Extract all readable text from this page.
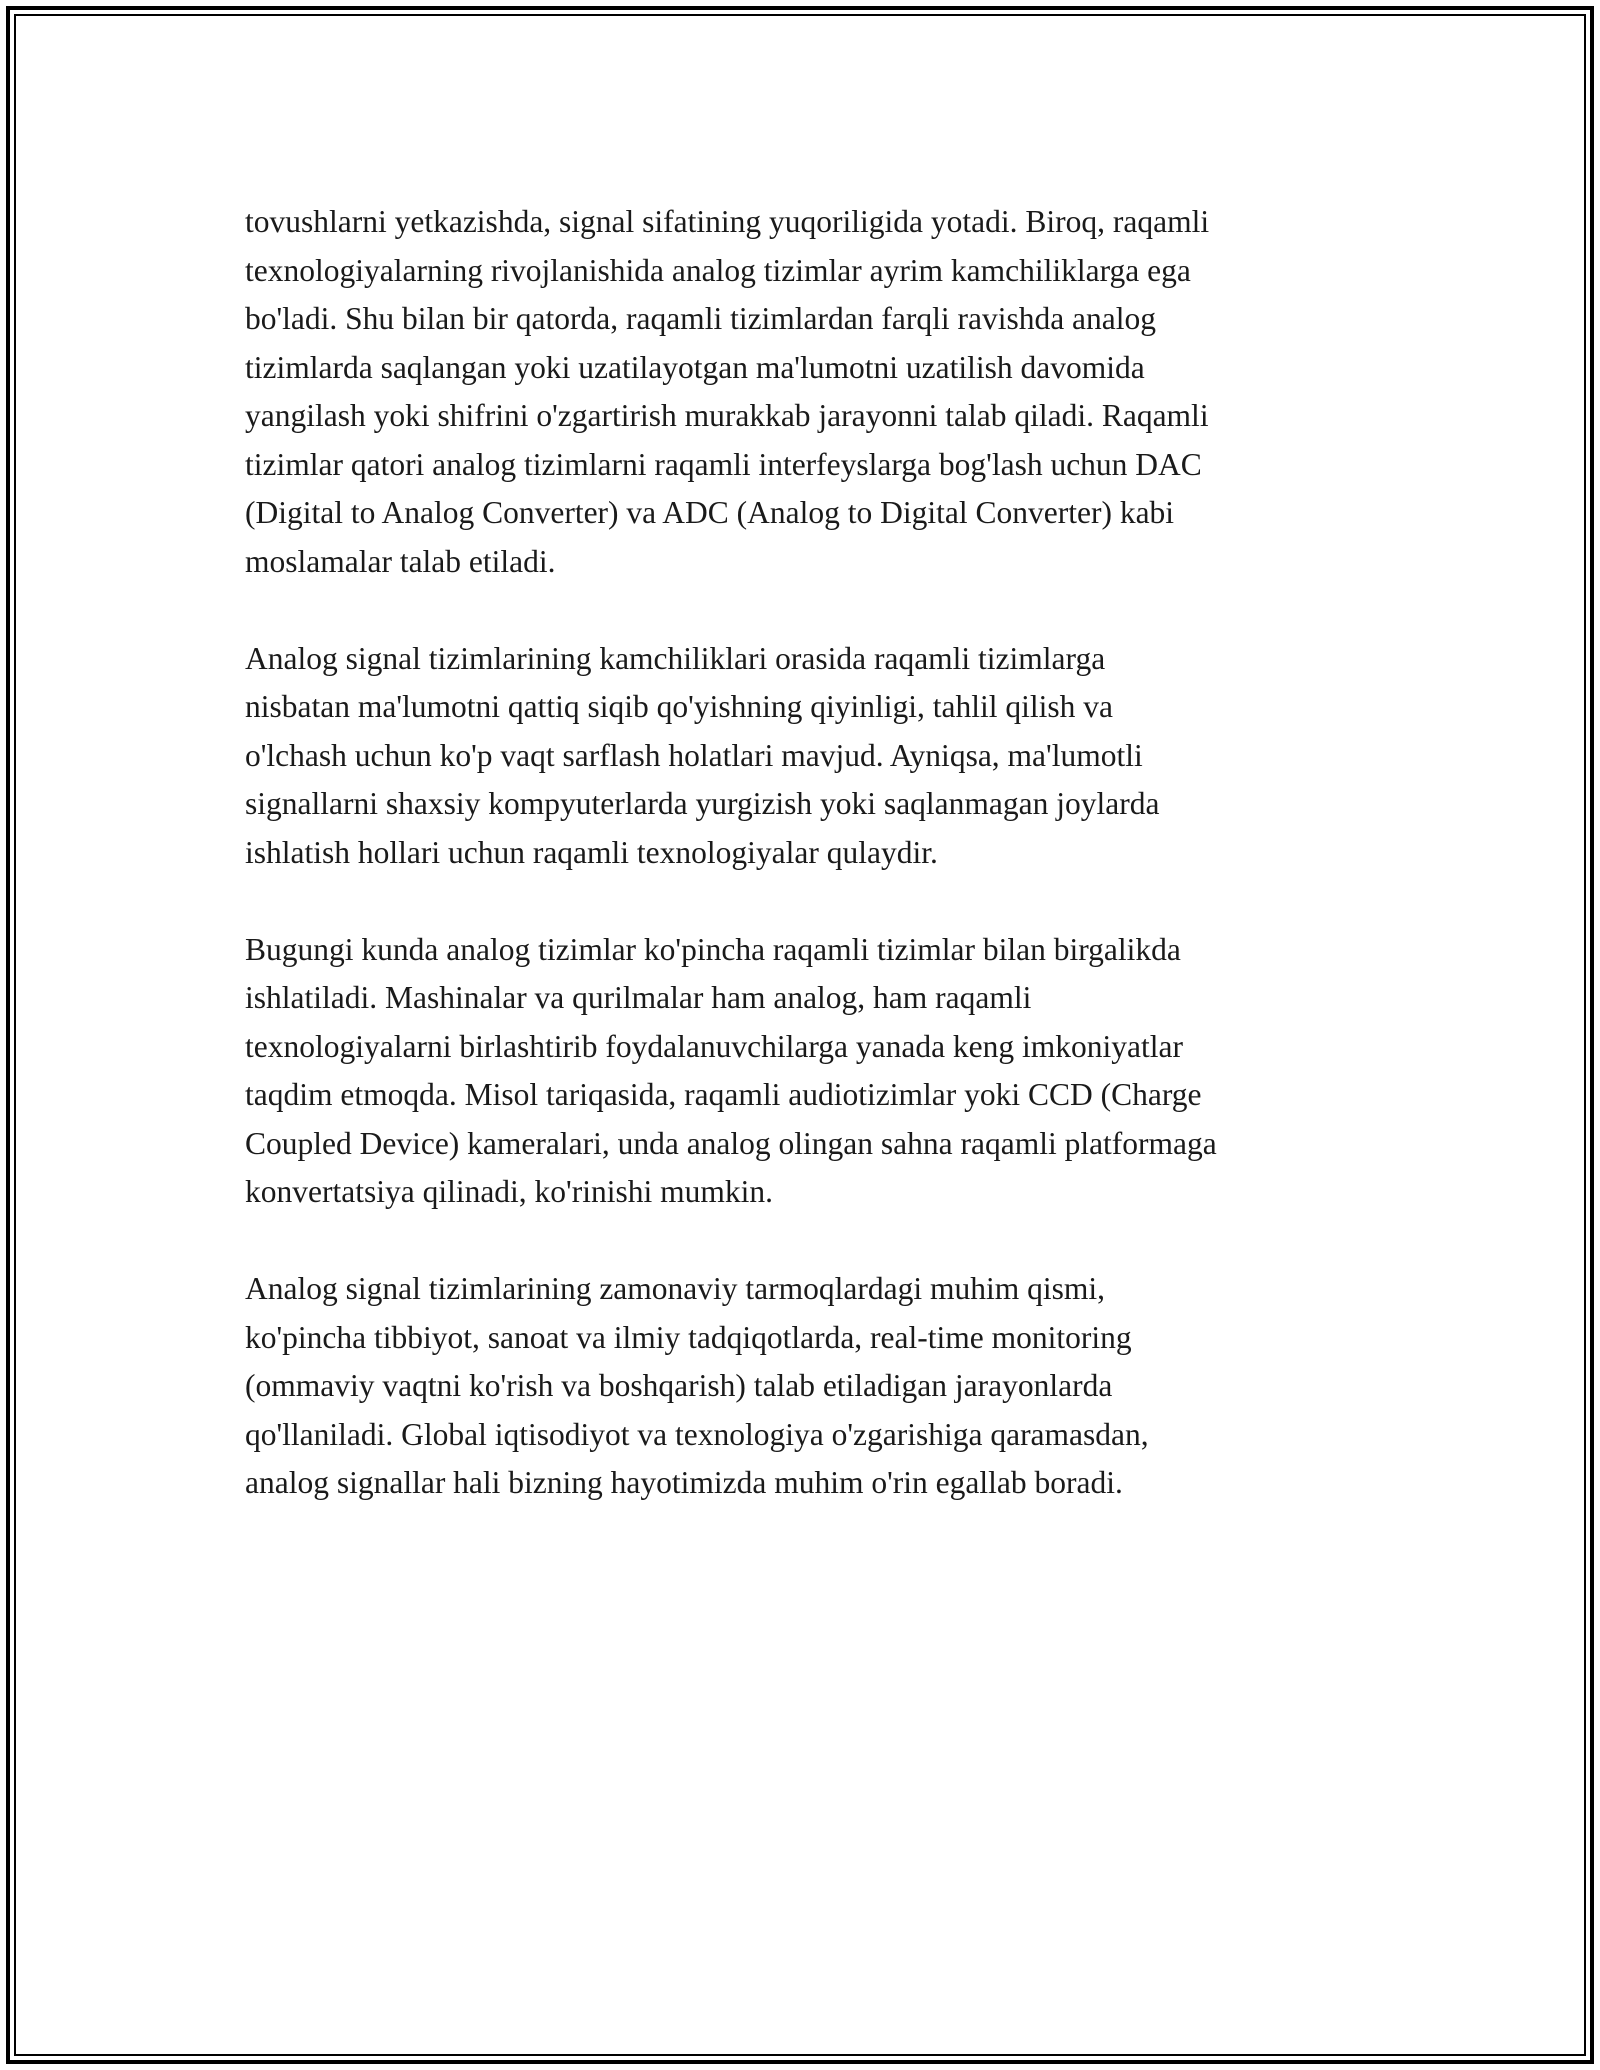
tovushlarni yetkazishda, signal sifatining yuqoriligida yotadi. Biroq, raqamli
texnologiyalarning rivojlanishida analog tizimlar ayrim kamchiliklarga ega
bo'ladi. Shu bilan bir qatorda, raqamli tizimlardan farqli ravishda analog
tizimlarda saqlangan yoki uzatilayotgan ma'lumotni uzatilish davomida
yangilash yoki shifrini o'zgartirish murakkab jarayonni talab qiladi. Raqamli
tizimlar qatori analog tizimlarni raqamli interfeyslarga bog'lash uchun DAC
(Digital to Analog Converter) va ADC (Analog to Digital Converter) kabi
moslamalar talab etiladi.

Analog signal tizimlarining kamchiliklari orasida raqamli tizimlarga
nisbatan ma'lumotni qattiq siqib qo'yishning qiyinligi, tahlil qilish va
o'lchash uchun ko'p vaqt sarflash holatlari mavjud. Ayniqsa, ma'lumotli
signallarni shaxsiy kompyuterlarda yurgizish yoki saqlanmagan joylarda
ishlatish hollari uchun raqamli texnologiyalar qulaydir.

Bugungi kunda analog tizimlar ko'pincha raqamli tizimlar bilan birgalikda
ishlatiladi. Mashinalar va qurilmalar ham analog, ham raqamli
texnologiyalarni birlashtirib foydalanuvchilarga yanada keng imkoniyatlar
taqdim etmoqda. Misol tariqasida, raqamli audiotizimlar yoki CCD (Charge
Coupled Device) kameralari, unda analog olingan sahna raqamli platformaga
konvertatsiya qilinadi, ko'rinishi mumkin.

Analog signal tizimlarining zamonaviy tarmoqlardagi muhim qismi,
ko'pincha tibbiyot, sanoat va ilmiy tadqiqotlarda, real-time monitoring
(ommaviy vaqtni ko'rish va boshqarish) talab etiladigan jarayonlarda
qo'llaniladi. Global iqtisodiyot va texnologiya o'zgarishiga qaramasdan,
analog signallar hali bizning hayotimizda muhim o'rin egallab boradi.
